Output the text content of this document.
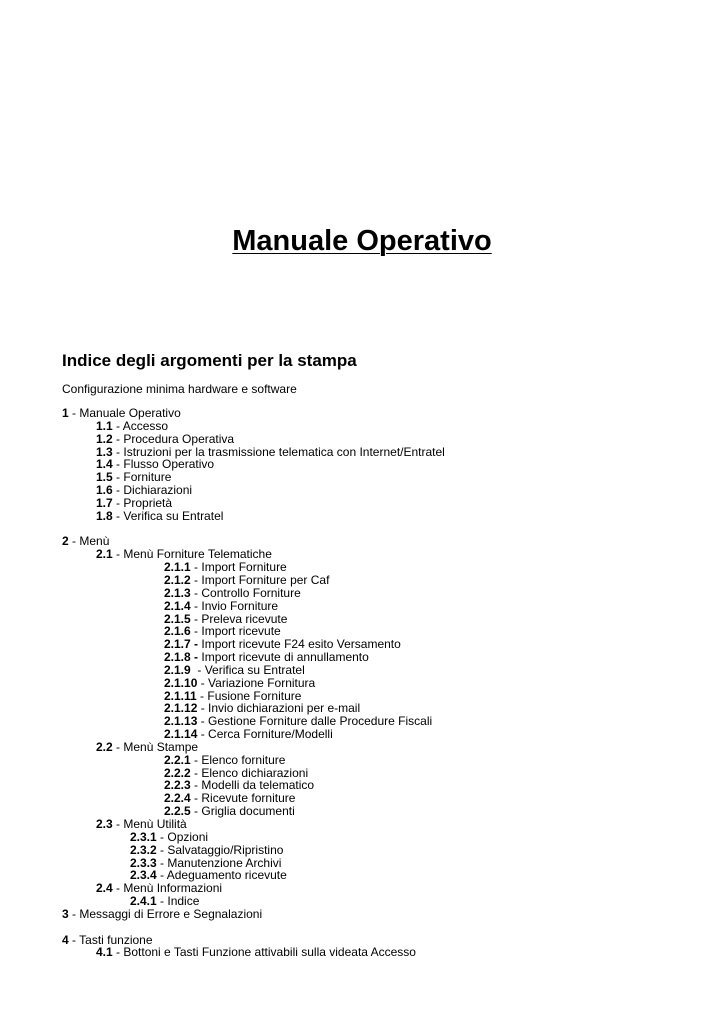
Manuale Operativo
Indice degli argomenti per la stampa

Configurazione minima hardware e software

1 - Manuale Operativo
1.1 - Accesso
1.2 - Procedura Operativa
1.3 - Istruzioni per la trasmissione telematica con Internet/Entratel
1.4 - Flusso Operativo
1.5 - Forniture
1.6 - Dichiarazioni
1.7 - Proprietà
1.8 - Verifica su Entratel
2 - Menù
2.1 - Menù Forniture Telematiche
2.1.1 - Import Forniture
2.1.2 - Import Forniture per Caf
2.1.3 - Controllo Forniture
2.1.4 - Invio Forniture
2.1.5 - Preleva ricevute
2.1.6 - Import ricevute
2.1.7 - Import ricevute F24 esito Versamento
2.1.8 - Import ricevute di annullamento
2.1.9  - Verifica su Entratel
2.1.10 - Variazione Fornitura
2.1.11 - Fusione Forniture
2.1.12 - Invio dichiarazioni per e-mail
2.1.13 - Gestione Forniture dalle Procedure Fiscali
2.1.14 - Cerca Forniture/Modelli
2.2 - Menù Stampe
2.2.1 - Elenco forniture
2.2.2 - Elenco dichiarazioni
2.2.3 - Modelli da telematico
2.2.4 - Ricevute forniture
2.2.5 - Griglia documenti
2.3 - Menù Utilità
2.3.1 - Opzioni
2.3.2 - Salvataggio/Ripristino
2.3.3 - Manutenzione Archivi
2.3.4 - Adeguamento ricevute
2.4 - Menù Informazioni
2.4.1 - Indice
3 - Messaggi di Errore e Segnalazioni
4 - Tasti funzione
4.1 - Bottoni e Tasti Funzione attivabili sulla videata Accesso
